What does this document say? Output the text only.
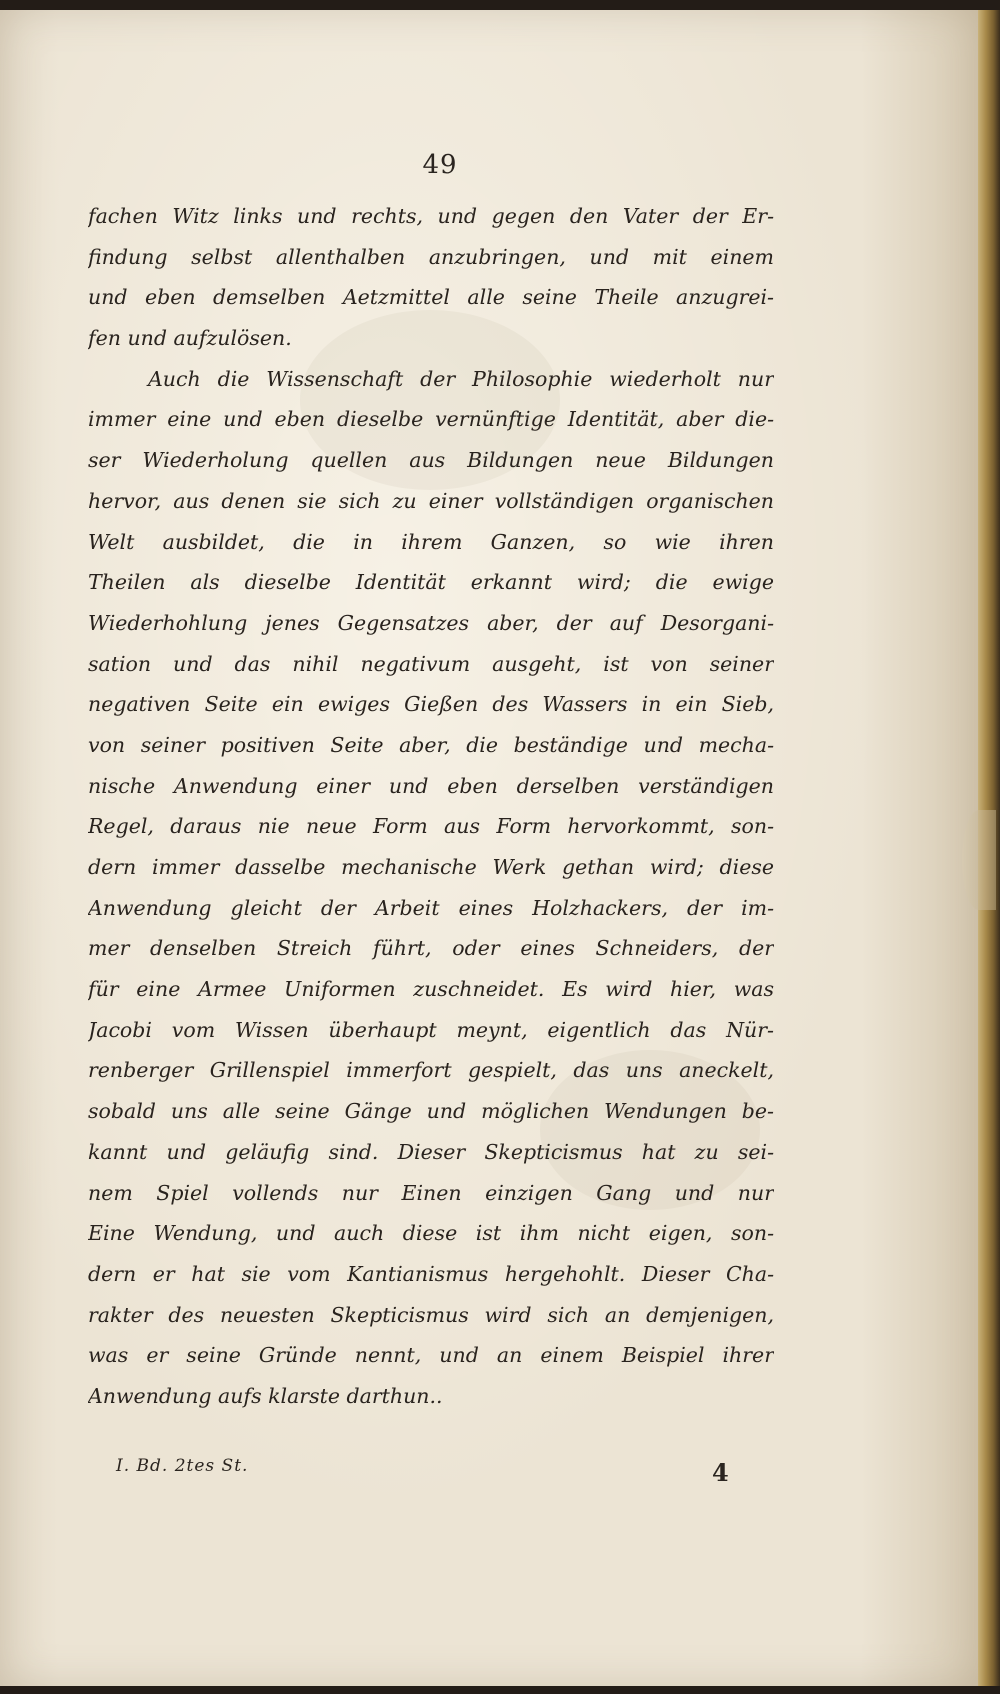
49
fachen Witz links und rechts, und gegen den Vater der Er-
findung selbst allenthalben anzubringen, und mit einem
und eben demselben Aetzmittel alle seine Theile anzugrei-
fen und aufzulösen.
Auch die Wissenschaft der Philosophie wiederholt nur
immer eine und eben dieselbe vernünftige Identität, aber die-
ser Wiederholung quellen aus Bildungen neue Bildungen
hervor, aus denen sie sich zu einer vollständigen organischen
Welt ausbildet, die in ihrem Ganzen, so wie ihren
Theilen als dieselbe Identität erkannt wird; die ewige
Wiederhohlung jenes Gegensatzes aber, der auf Desorgani-
sation und das nihil negativum ausgeht, ist von seiner
negativen Seite ein ewiges Gießen des Wassers in ein Sieb,
von seiner positiven Seite aber, die beständige und mecha-
nische Anwendung einer und eben derselben verständigen
Regel, daraus nie neue Form aus Form hervorkommt, son-
dern immer dasselbe mechanische Werk gethan wird; diese
Anwendung gleicht der Arbeit eines Holzhackers, der im-
mer denselben Streich führt, oder eines Schneiders, der
für eine Armee Uniformen zuschneidet. Es wird hier, was
Jacobi vom Wissen überhaupt meynt, eigentlich das Nür-
renberger Grillenspiel immerfort gespielt, das uns aneckelt,
sobald uns alle seine Gänge und möglichen Wendungen be-
kannt und geläufig sind. Dieser Skepticismus hat zu sei-
nem Spiel vollends nur Einen einzigen Gang und nur
Eine Wendung, und auch diese ist ihm nicht eigen, son-
dern er hat sie vom Kantianismus hergehohlt. Dieser Cha-
rakter des neuesten Skepticismus wird sich an demjenigen,
was er seine Gründe nennt, und an einem Beispiel ihrer
Anwendung aufs klarste darthun..
I. Bd. 2tes St.	4
